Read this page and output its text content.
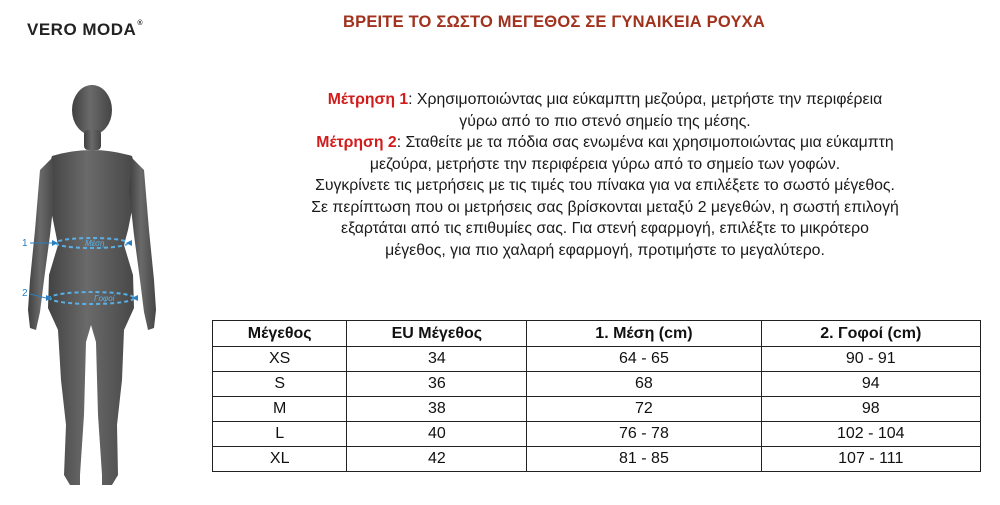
VERO MODA®	ΒΡΕΙΤΕ ΤΟ ΣΩΣΤΟ ΜΕΓΕΘΟΣ ΣΕ ΓΥΝΑΙΚΕΙΑ ΡΟΥΧΑ
1	Μέση
2	Γοφοί
Μέτρηση 1: Χρησιμοποιώντας μια εύκαμπτη μεζούρα, μετρήστε την περιφέρεια
γύρω από το πιο στενό σημείο της μέσης.
Μέτρηση 2: Σταθείτε με τα πόδια σας ενωμένα και χρησιμοποιώντας μια εύκαμπτη
μεζούρα, μετρήστε την περιφέρεια γύρω από το σημείο των γοφών.
Συγκρίνετε τις μετρήσεις με τις τιμές του πίνακα για να επιλέξετε το σωστό μέγεθος.
Σε περίπτωση που οι μετρήσεις σας βρίσκονται μεταξύ 2 μεγεθών, η σωστή επιλογή
εξαρτάται από τις επιθυμίες σας. Για στενή εφαρμογή, επιλέξτε το μικρότερο
μέγεθος, για πιο χαλαρή εφαρμογή, προτιμήστε το μεγαλύτερο.
Μέγεθος	EU Μέγεθος	1. Μέση (cm)	2. Γοφοί (cm)
XS	34	64 - 65	90 - 91
S	36	68	94
M	38	72	98
L	40	76 - 78	102 - 104
XL	42	81 - 85	107 - 111
